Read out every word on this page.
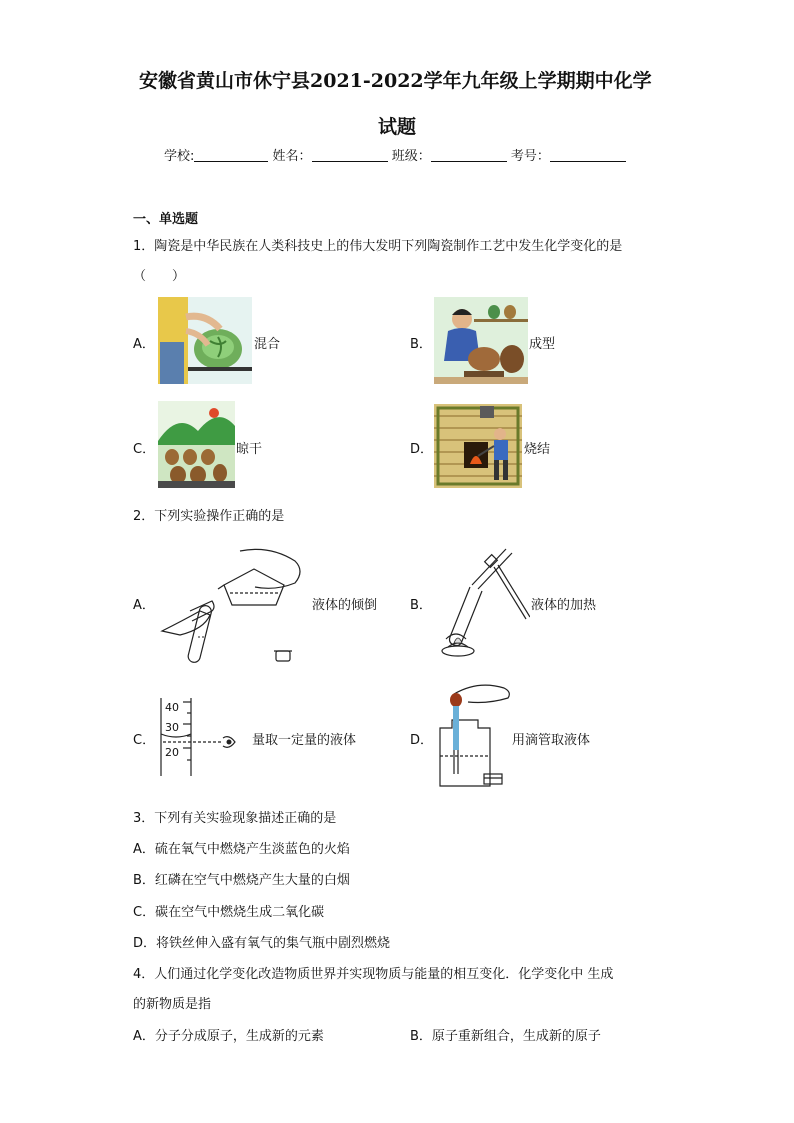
安徽省黄山市休宁县2021-2022学年九年级上学期期中化学
试题
学校:	姓名：	班级：	考号：
一、单选题
1．陶瓷是中华民族在人类科技史上的伟大发明下列陶瓷制作工艺中发生化学变化的是
（　　）
A．	混合	B．	成型
C．	晾干	D．	烧结
2．下列实验操作正确的是
A．	液体的倾倒	B．	液体的加热
C．
40
30
20
量取一定量的液体	D．	用滴管取液体
3．下列有关实验现象描述正确的是
A．硫在氧气中燃烧产生淡蓝色的火焰
B．红磷在空气中燃烧产生大量的白烟
C．碳在空气中燃烧生成二氧化碳
D．将铁丝伸入盛有氧气的集气瓶中剧烈燃烧
4．人们通过化学变化改造物质世界并实现物质与能量的相互变化．化学变化中 生成
的新物质是指
A．分子分成原子，生成新的元素	B．原子重新组合，生成新的原子
